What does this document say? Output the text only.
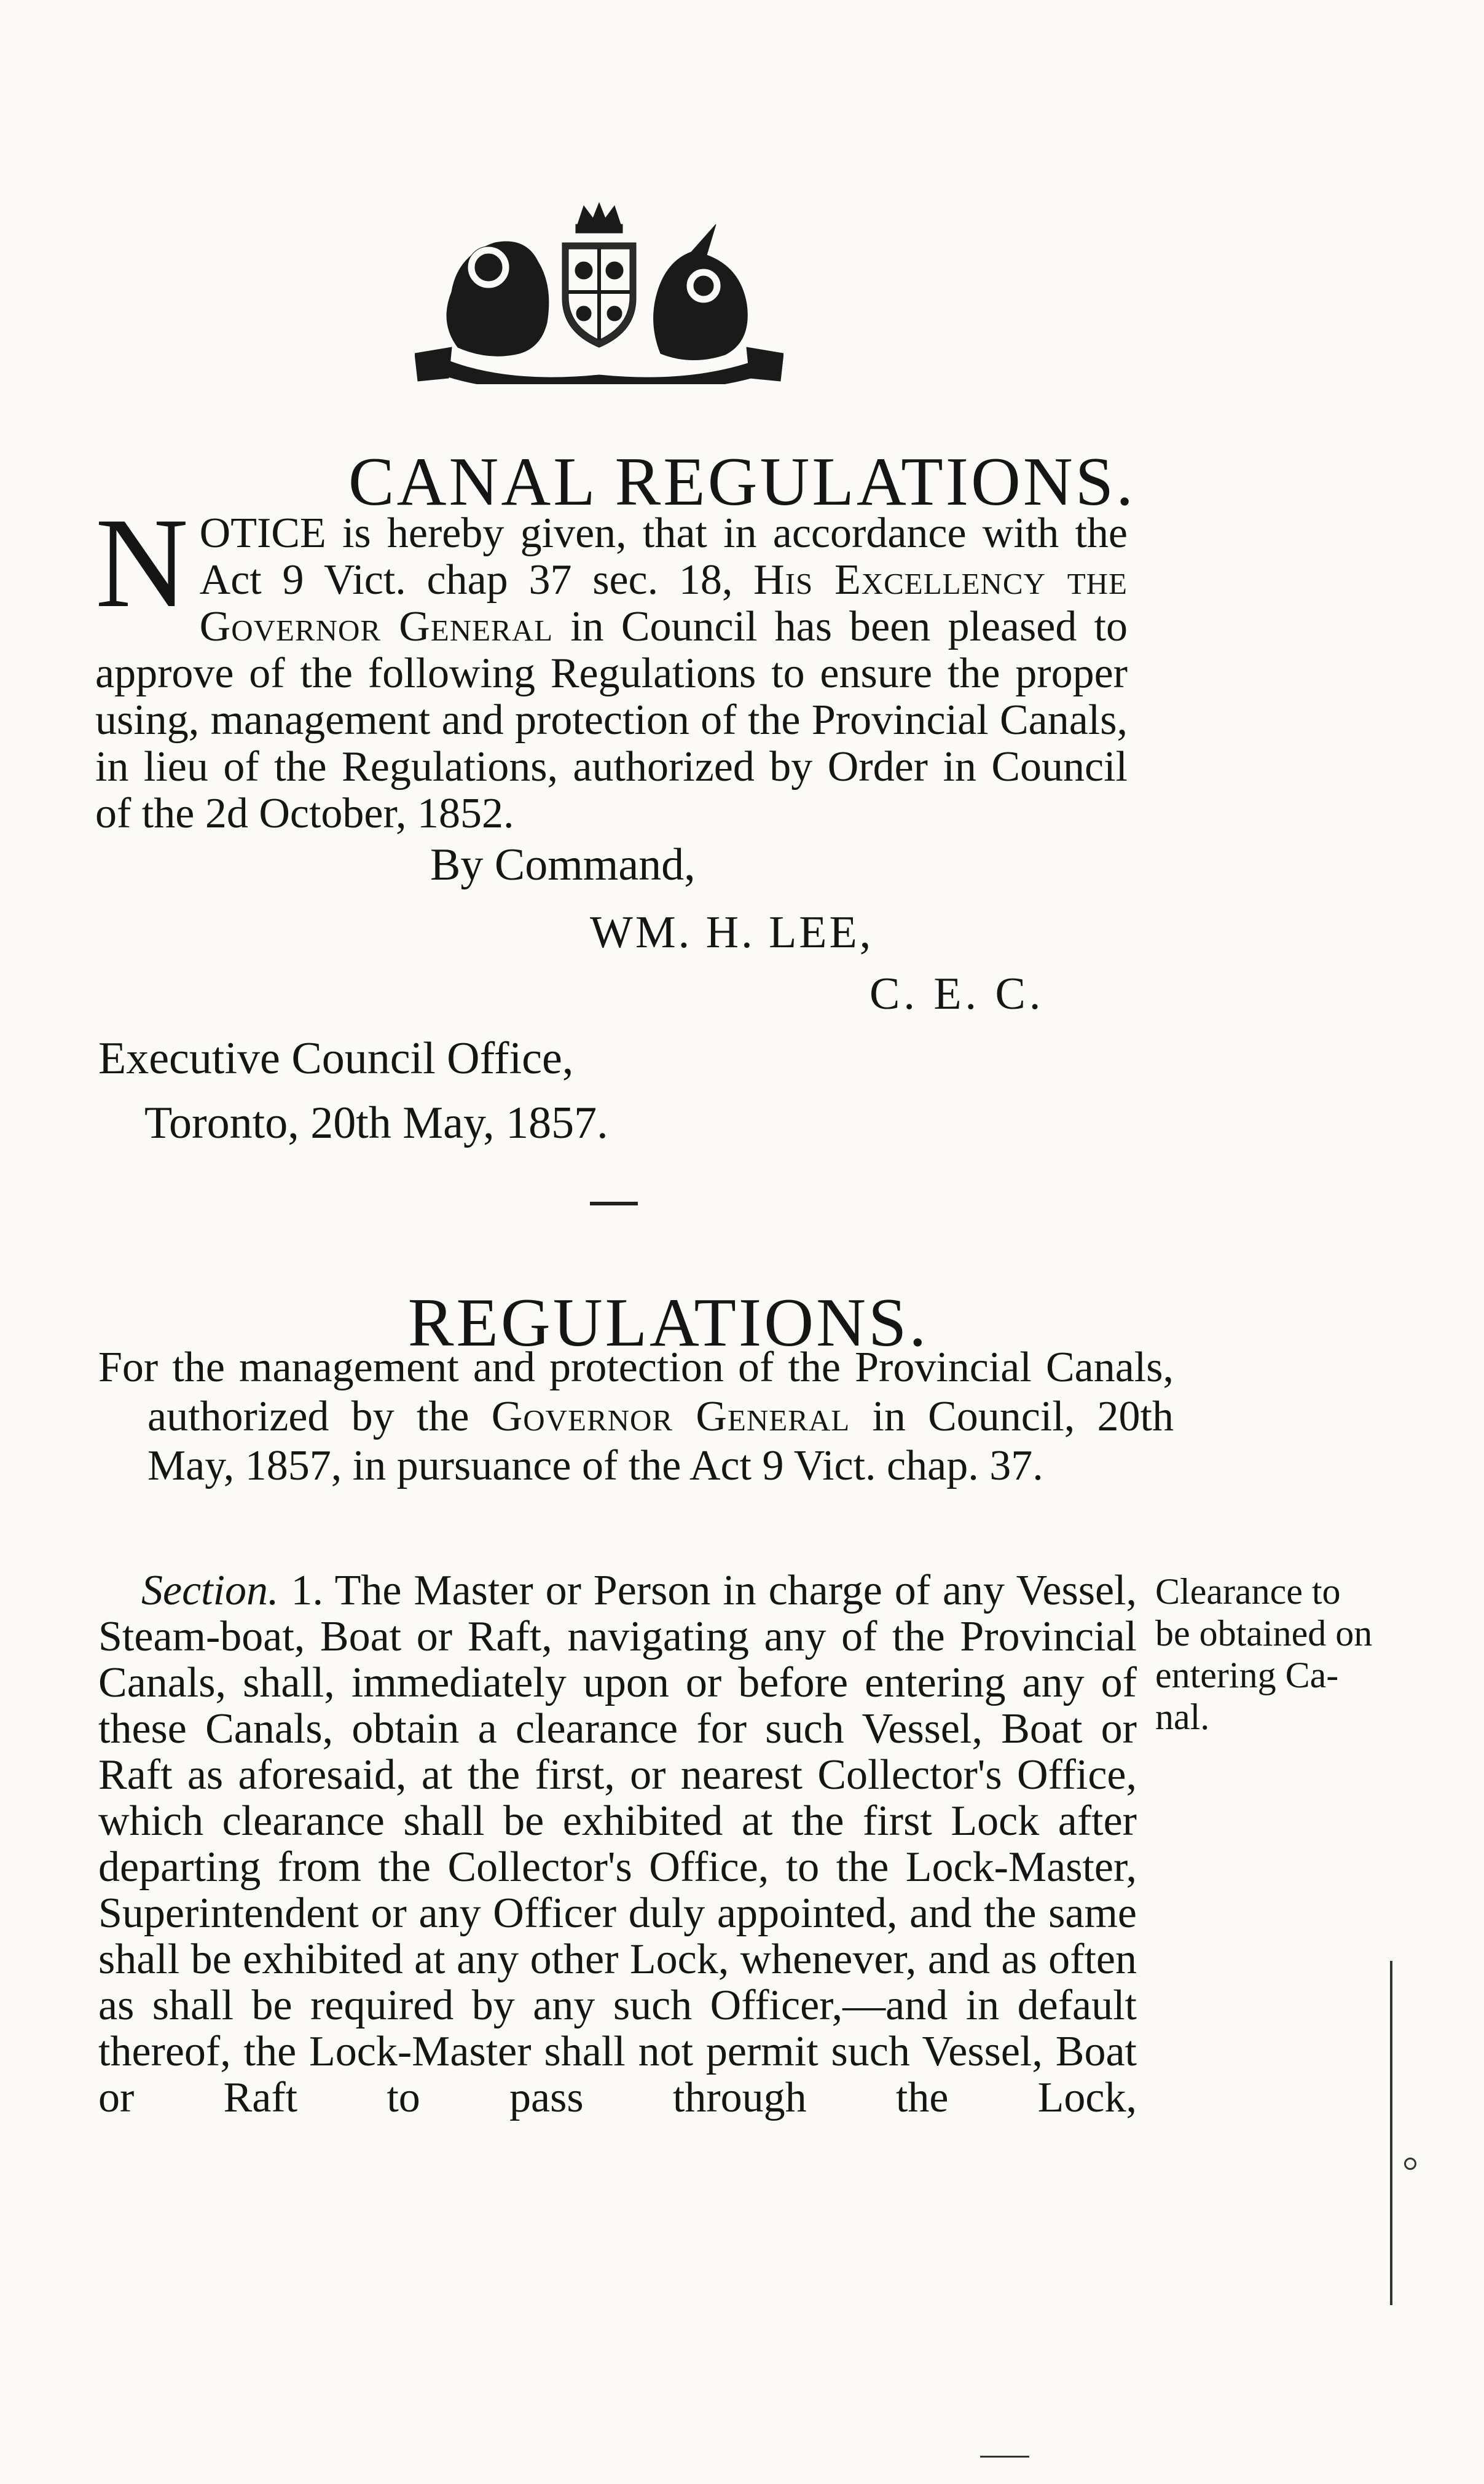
CANAL REGULATIONS.
NOTICE is hereby given, that in accordance with the Act 9 Vict. chap 37 sec. 18, His Excellency the Governor General in Council has been pleased to approve of the following Regulations to ensure the proper using, management and protection of the Provincial Canals, in lieu of the Regulations, authorized by Order in Council of the 2d October, 1852.
By Command,
WM. H. LEE,
C. E. C.
Executive Council Office,
Toronto, 20th May, 1857.
REGULATIONS.
For the management and protection of the Provincial Canals, authorized by the Governor General in Council, 20th May, 1857, in pursuance of the Act 9 Vict. chap. 37.
Section. 1. The Master or Person in charge of any Vessel, Steam-boat, Boat or Raft, navigating any of the Provincial Canals, shall, immediately upon or before entering any of these Canals, obtain a clearance for such Vessel, Boat or Raft as aforesaid, at the first, or nearest Collector's Office, which clearance shall be exhibited at the first Lock after departing from the Collector's Office, to the Lock-Master, Superintendent or any Officer duly appointed, and the same shall be exhibited at any other Lock, whenever, and as often as shall be required by any such Officer,—and in default thereof, the Lock-Master shall not permit such Vessel, Boat or Raft to pass through the Lock,
Clearance to
be obtained on
entering Ca-
nal.
